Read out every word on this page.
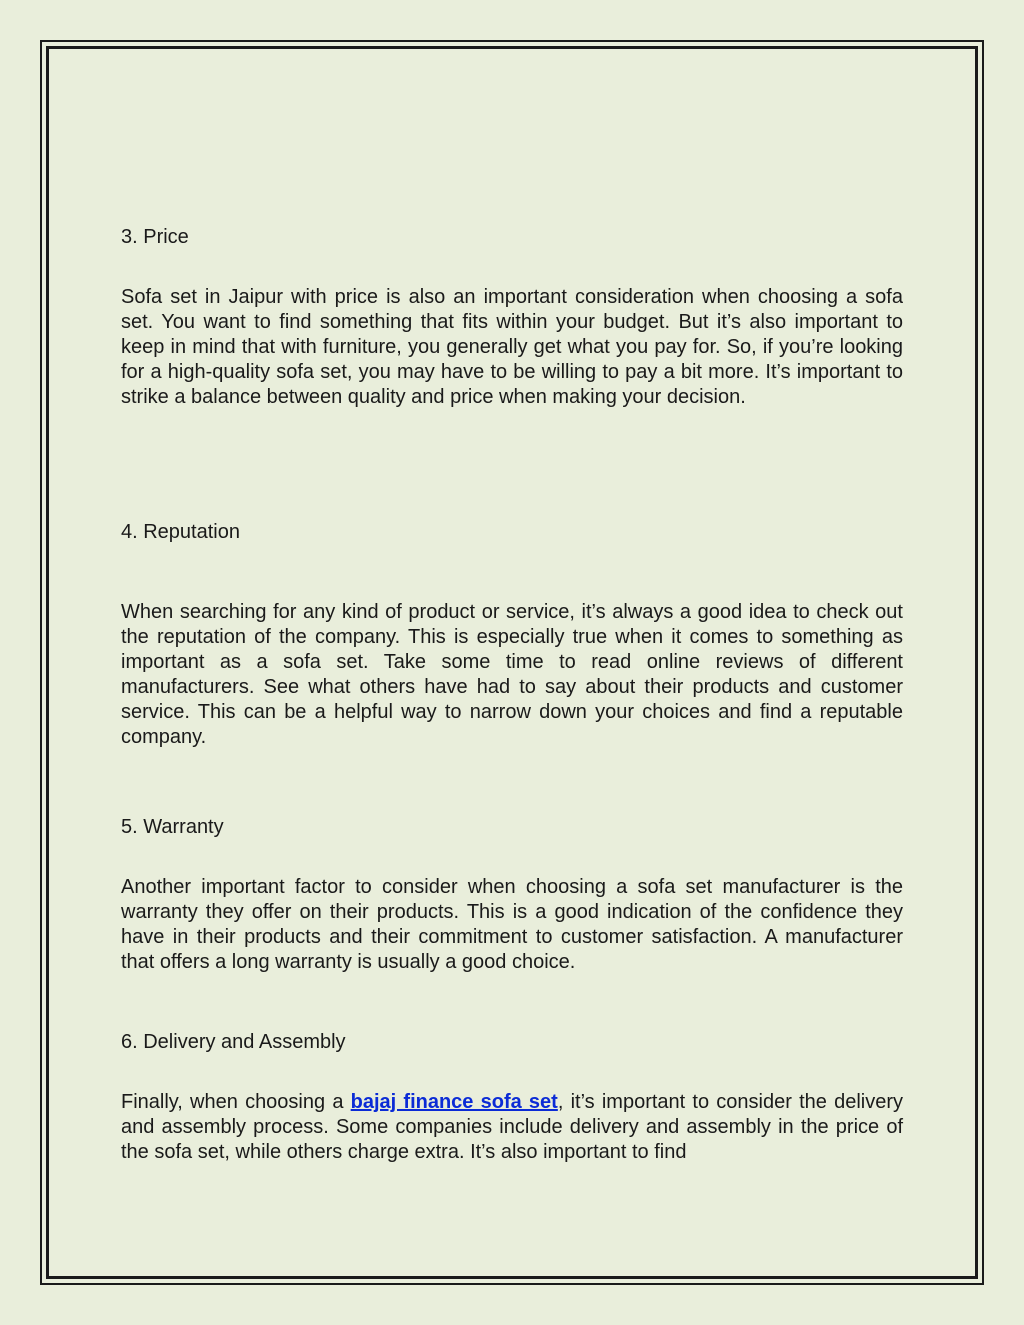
3. Price

Sofa set in Jaipur with price is also an important consideration when choosing a sofa set. You want to find something that fits within your budget. But it’s also important to keep in mind that with furniture, you generally get what you pay for. So, if you’re looking for a high-quality sofa set, you may have to be willing to pay a bit more. It’s important to strike a balance between quality and price when making your decision.

4. Reputation

When searching for any kind of product or service, it’s always a good idea to check out the reputation of the company. This is especially true when it comes to something as important as a sofa set. Take some time to read online reviews of different manufacturers. See what others have had to say about their products and customer service. This can be a helpful way to narrow down your choices and find a reputable company.

5. Warranty

Another important factor to consider when choosing a sofa set manufacturer is the warranty they offer on their products. This is a good indication of the confidence they have in their products and their commitment to customer satisfaction. A manufacturer that offers a long warranty is usually a good choice.

6. Delivery and Assembly

Finally, when choosing a bajaj finance sofa set, it’s important to consider the delivery and assembly process. Some companies include delivery and assembly in the price of the sofa set, while others charge extra. It’s also important to find
